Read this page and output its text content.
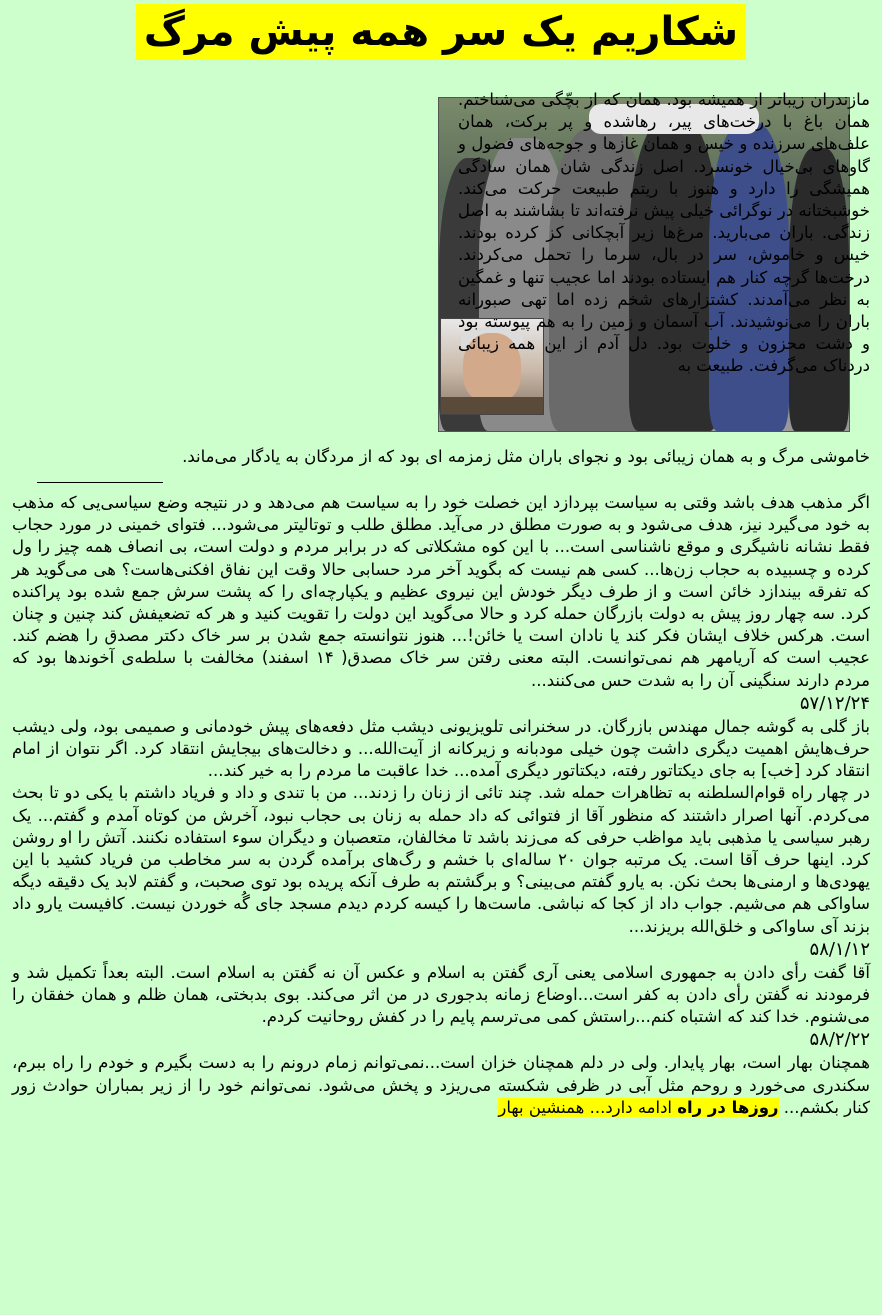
شکاریم یک سر همه پیش مرگ
مازندران زیباتر از همیشه بود. همان که از بچّگی می‌شناختم. همان باغ با درخت‌های پیر، رهاشده و پر برکت، همان علف‌های سرزنده و خیس و همان غازها و جوجه‌های فضول و گاوهای بی‌خیال خونسرد. اصل زندگی شان همان سادگی همیشگی را دارد و هنوز با ریتم طبیعت حرکت می‌کند. خوشبختانه در نوگرائی خیلی پیش نرفته‌اند تا بشاشند به اصل زندگی. باران می‌بارید. مرغ‌ها زیر آبچکانی کز کرده بودند. خیس و خاموش، سر در بال، سرما را تحمل می‌کردند. درخت‌ها گرچه کنار هم ایستاده بودند اما عجیب تنها و غمگین به نظر می‌آمدند. کشتزارهای شخم زده اما تهی صبورانه باران را می‌نوشیدند. آب آسمان و زمین را به هم پیوسته بود و دشت محزون و خلوت بود. دل آدم از این همه زیبائی دردناک می‌گرفت. طبیعت به
خاموشی مرگ و به همان زیبائی بود و نجوای باران مثل زمزمه ای بود که از مردگان به یادگار می‌ماند.

اگر مذهب هدف باشد وقتی به سیاست بپردازد این خصلت خود را به سیاست هم می‌دهد و در نتیجه وضع سیاسی‌یی که مذهب به خود می‌گیرد نیز، هدف می‌شود و به صورت مطلق در می‌آید. مطلق طلب و توتالیتر می‌شود... فتوای خمینی در مورد حجاب فقط نشانه ناشیگری و موقع ناشناسی است... با این کوه مشکلاتی که در برابر مردم و دولت است، بی انصاف همه چیز را ول کرده و چسبیده به حجاب زن‌ها... کسی هم نیست که بگوید آخر مرد حسابی حالا وقت این نفاق افکنی‌هاست؟ هی می‌گوید هر که تفرقه بیندازد خائن است و از طرف دیگر خودش این نیروی عظیم و یکپارچه‌ای را که پشت سرش جمع شده بود پراکنده کرد. سه چهار روز پیش به دولت بازرگان حمله کرد و حالا می‌گوید این دولت را تقویت کنید و هر که تضعیفش کند چنین و چنان است. هرکس خلاف ایشان فکر کند یا نادان است یا خائن!... هنوز نتوانسته جمع شدن بر سر خاک دکتر مصدق را هضم کند. عجیب است که آریامهر هم نمی‌توانست. البته معنی رفتن سر خاک مصدق( ۱۴ اسفند) مخالفت با سلطه‌ی آخوندها بود که مردم دارند سنگینی آن را به شدت حس می‌کنند...

۵۷/۱۲/۲۴

باز گلی به گوشه جمال مهندس بازرگان. در سخنرانی تلویزیونی دیشب مثل دفعه‌های پیش خودمانی و صمیمی بود، ولی دیشب حرف‌هایش اهمیت دیگری داشت چون خیلی مودبانه و زیرکانه از آیت‌الله... و دخالت‌های بیجایش انتقاد کرد. اگر نتوان از امام انتقاد کرد [خب] به جای دیکتاتور رفته، دیکتاتور دیگری آمده... خدا عاقبت ما مردم را به خیر کند...

در چهار راه قوام‌السلطنه به تظاهرات حمله شد. چند تائی از زنان را زدند... من با تندی و داد و فریاد داشتم با یکی دو تا بحث می‌کردم. آنها اصرار داشتند که منظور آقا از فتوائی که داد حمله به زنان بی حجاب نبود، آخرش من کوتاه آمدم و گفتم... یک رهبر سیاسی یا مذهبی باید مواظب حرفی که می‌زند باشد تا مخالفان، متعصبان و دیگران سوء استفاده نکنند. آتش را او روشن کرد. اینها حرف آقا است. یک مرتبه جوان ۲۰ ساله‌ای با خشم و رگ‌های برآمده گردن به سر مخاطب من فریاد کشید با این یهودی‌ها و ارمنی‌ها بحث نکن. به یارو گفتم می‌بینی؟ و برگشتم به طرف آنکه پریده بود توی صحبت، و گفتم لابد یک دقیقه دیگه ساواکی هم می‌شیم. جواب داد از کجا که نباشی. ماست‌ها را کیسه کردم دیدم مسجد جای گُه خوردن نیست. کافیست یارو داد بزند آی ساواکی و خلق‌الله بریزند...

۵۸/۱/۱۲

آقا گفت رأی دادن به جمهوری اسلامی یعنی آری گفتن به اسلام و عکس آن نه گفتن به اسلام است. البته بعداً تکمیل شد و فرمودند نه گفتن رأی دادن به کفر است...اوضاع زمانه بدجوری در من اثر می‌کند. بوی بدبختی، همان ظلم و همان خفقان را می‌شنوم. خدا کند که اشتباه کنم...راستش کمی می‌ترسم پایم را در کفش روحانیت کردم.

۵۸/۲/۲۲

همچنان بهار است، بهار پایدار. ولی در دلم همچنان خزان است...نمی‌توانم زمام درونم را به دست بگیرم و خودم را راه ببرم، سکندری می‌خورد و روحم مثل آبی در ظرفی شکسته می‌ریزد و پخش می‌شود. نمی‌توانم خود را از زیر بمباران حوادث زور کنار بکشم... روزها در راه ادامه دارد... همنشین بهار
